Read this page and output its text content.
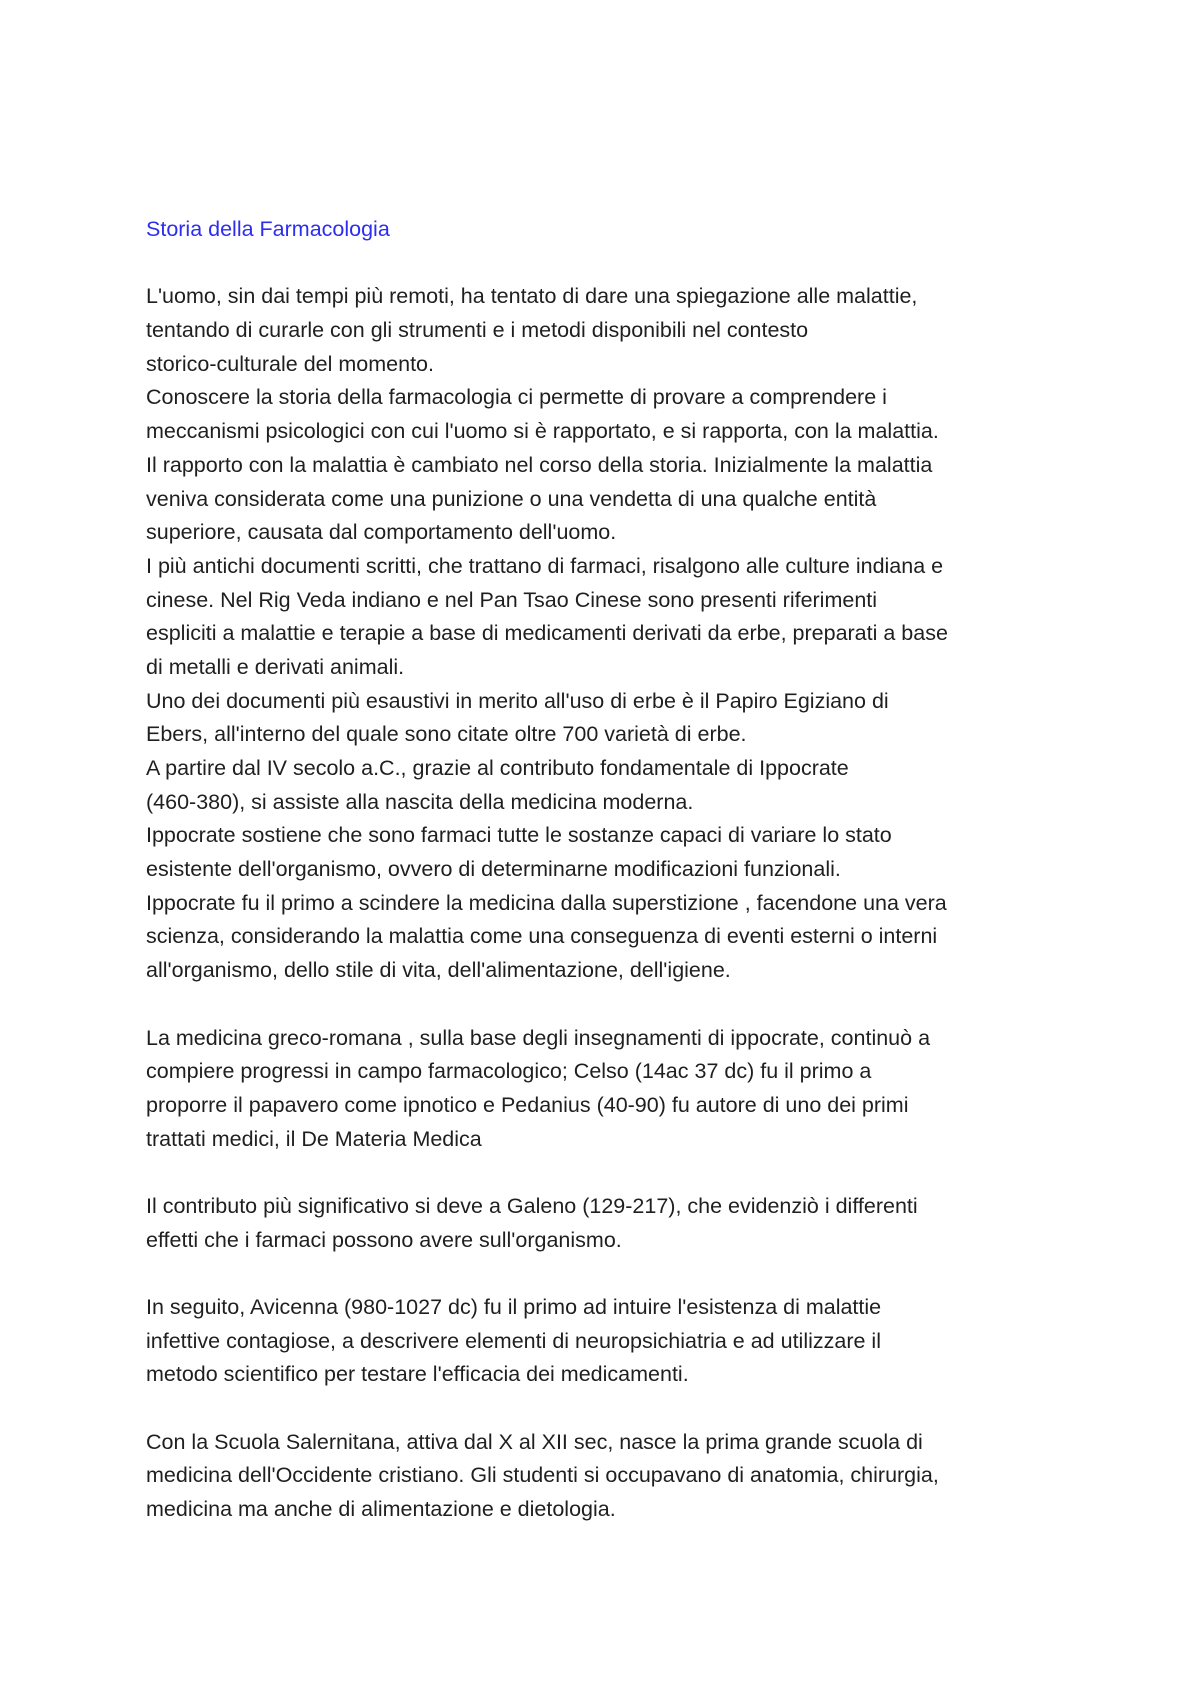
Storia della Farmacologia
L'uomo, sin dai tempi più remoti, ha tentato di dare una spiegazione alle malattie,
tentando di curarle con gli strumenti e i metodi disponibili nel contesto
storico-culturale del momento.
Conoscere la storia della farmacologia ci permette di provare a comprendere i
meccanismi psicologici con cui l'uomo si è rapportato, e si rapporta, con la malattia.
Il rapporto con la malattia è cambiato nel corso della storia. Inizialmente la malattia
veniva considerata come una punizione o una vendetta di una qualche entità
superiore, causata dal comportamento dell'uomo.
I più antichi documenti scritti, che trattano di farmaci, risalgono alle culture indiana e
cinese. Nel Rig Veda indiano e nel Pan Tsao Cinese sono presenti riferimenti
espliciti a malattie e terapie a base di medicamenti derivati da erbe, preparati a base
di metalli e derivati animali.
Uno dei documenti più esaustivi in merito all'uso di erbe è il Papiro Egiziano di
Ebers, all'interno del quale sono citate oltre 700 varietà di erbe.
A partire dal IV secolo a.C., grazie al contributo fondamentale di Ippocrate
(460-380), si assiste alla nascita della medicina moderna.
Ippocrate sostiene che sono farmaci tutte le sostanze capaci di variare lo stato
esistente dell'organismo, ovvero di determinarne modificazioni funzionali.
Ippocrate fu il primo a scindere la medicina dalla superstizione , facendone una vera
scienza, considerando la malattia come una conseguenza di eventi esterni o interni
all'organismo, dello stile di vita, dell'alimentazione, dell'igiene.
La medicina greco-romana , sulla base degli insegnamenti di ippocrate, continuò a
compiere progressi in campo farmacologico; Celso (14ac 37 dc) fu il primo a
proporre il papavero come ipnotico e Pedanius (40-90) fu autore di uno dei primi
trattati medici, il De Materia Medica
Il contributo più significativo si deve a Galeno (129-217), che evidenziò i differenti
effetti che i farmaci possono avere sull'organismo.
In seguito, Avicenna (980-1027 dc) fu il primo ad intuire l'esistenza di malattie
infettive contagiose, a descrivere elementi di neuropsichiatria e ad utilizzare il
metodo scientifico per testare l'efficacia dei medicamenti.
Con la Scuola Salernitana, attiva dal X al XII sec, nasce la prima grande scuola di
medicina dell'Occidente cristiano. Gli studenti si occupavano di anatomia, chirurgia,
medicina ma anche di alimentazione e dietologia.
